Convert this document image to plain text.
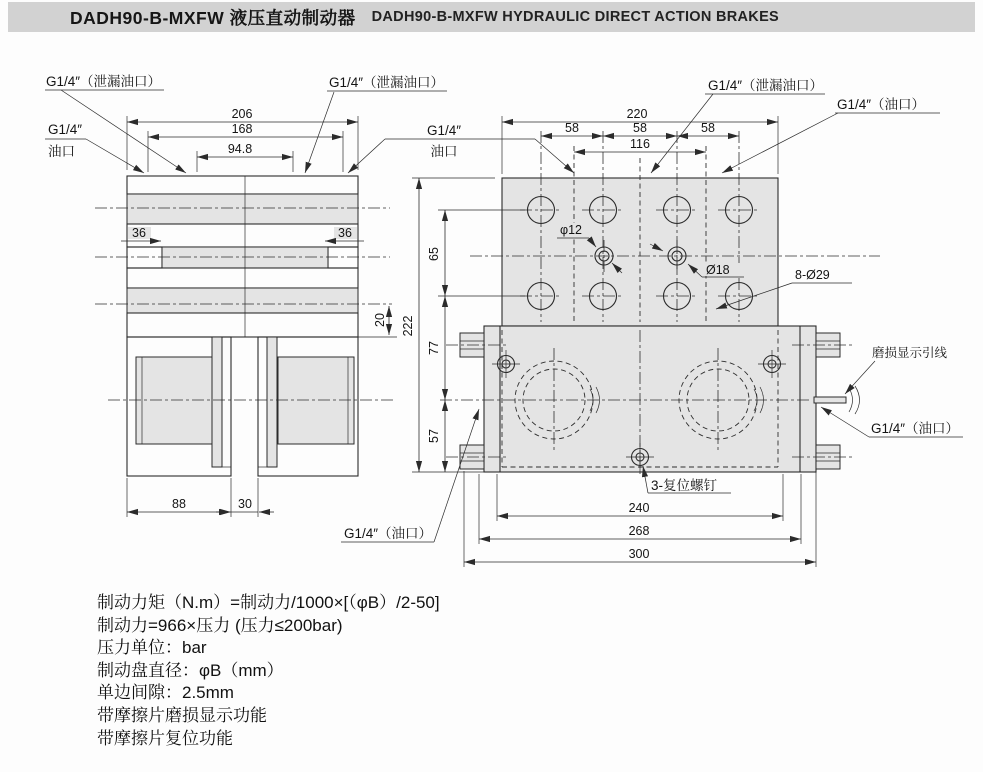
DADH90-B-MXFW 液压直动制动器 DADH90-B-MXFW HYDRAULIC DIRECT ACTION BRAKES
206
168
94.8
36	36
20
88	30
G1/4″（泄漏油口）	G1/4″（泄漏油口）
G1/4″
油口
G1/4″
油口
220
58	58	58
116
222
65
77
57
240
268
300
G1/4″（泄漏油口）
G1/4″（油口）
φ12
Ø18	8-Ø29
磨损显示引线
G1/4″（油口）
G1/4″（油口）
3-复位螺钉
制动力矩（N.m）=制动力/1000×[（φB）/2-50]
制动力=966×压力 (压力≤200bar)
压力单位：bar
制动盘直径：φB（mm）
单边间隙：2.5mm
带摩擦片磨损显示功能
带摩擦片复位功能
